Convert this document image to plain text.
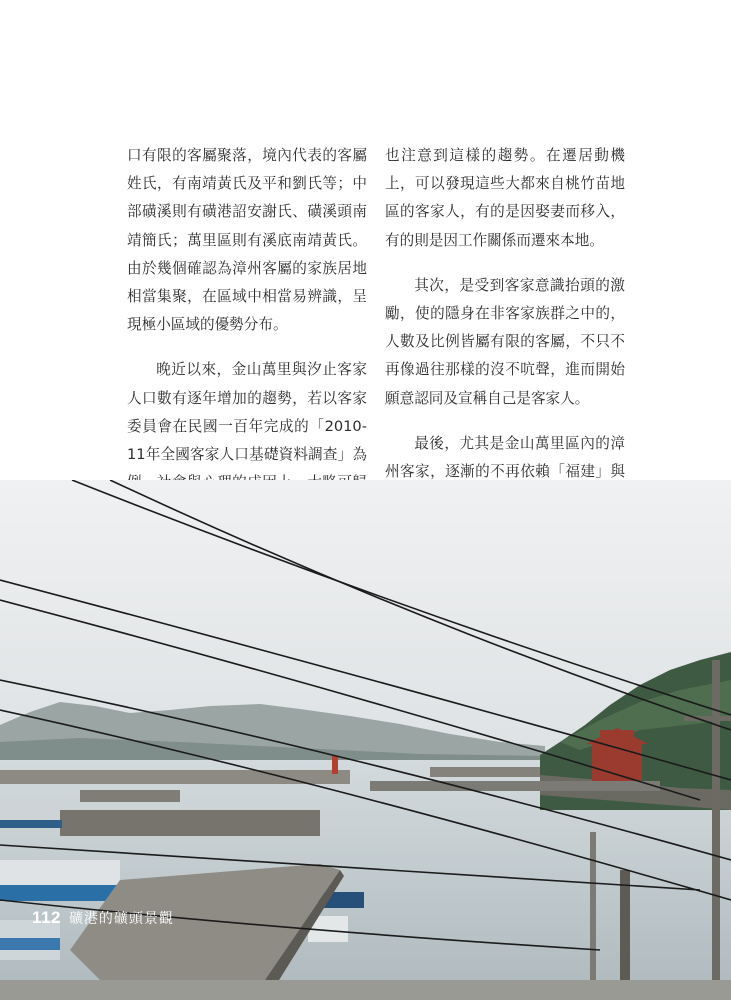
口有限的客屬聚落，境內代表的客屬姓氏，有南靖黃氏及平和劉氏等；中部磺溪則有磺港詔安謝氏、磺溪頭南靖簡氏；萬里區則有溪底南靖黃氏。由於幾個確認為漳州客屬的家族居地相當集聚，在區域中相當易辨識，呈現極小區域的優勢分布。

晚近以來，金山萬里與汐止客家人口數有逐年增加的趨勢，若以客家委員會在民國一百年完成的「2010-11年全國客家人口基礎資料調查」為

也注意到這樣的趨勢。在遷居動機上，可以發現這些大都來自桃竹苗地區的客家人，有的是因娶妻而移入，有的則是因工作關係而遷來本地。

其次，是受到客家意識抬頭的激勵，使的隱身在非客家族群之中的，人數及比例皆屬有限的客屬，不只不再像過往那樣的沒不吭聲，進而開始願意認同及宣稱自己是客家人。

最後，尤其是金山萬里區內的漳州客家，逐漸的不再依賴「福建」與

112 礦港的礦頭景觀
